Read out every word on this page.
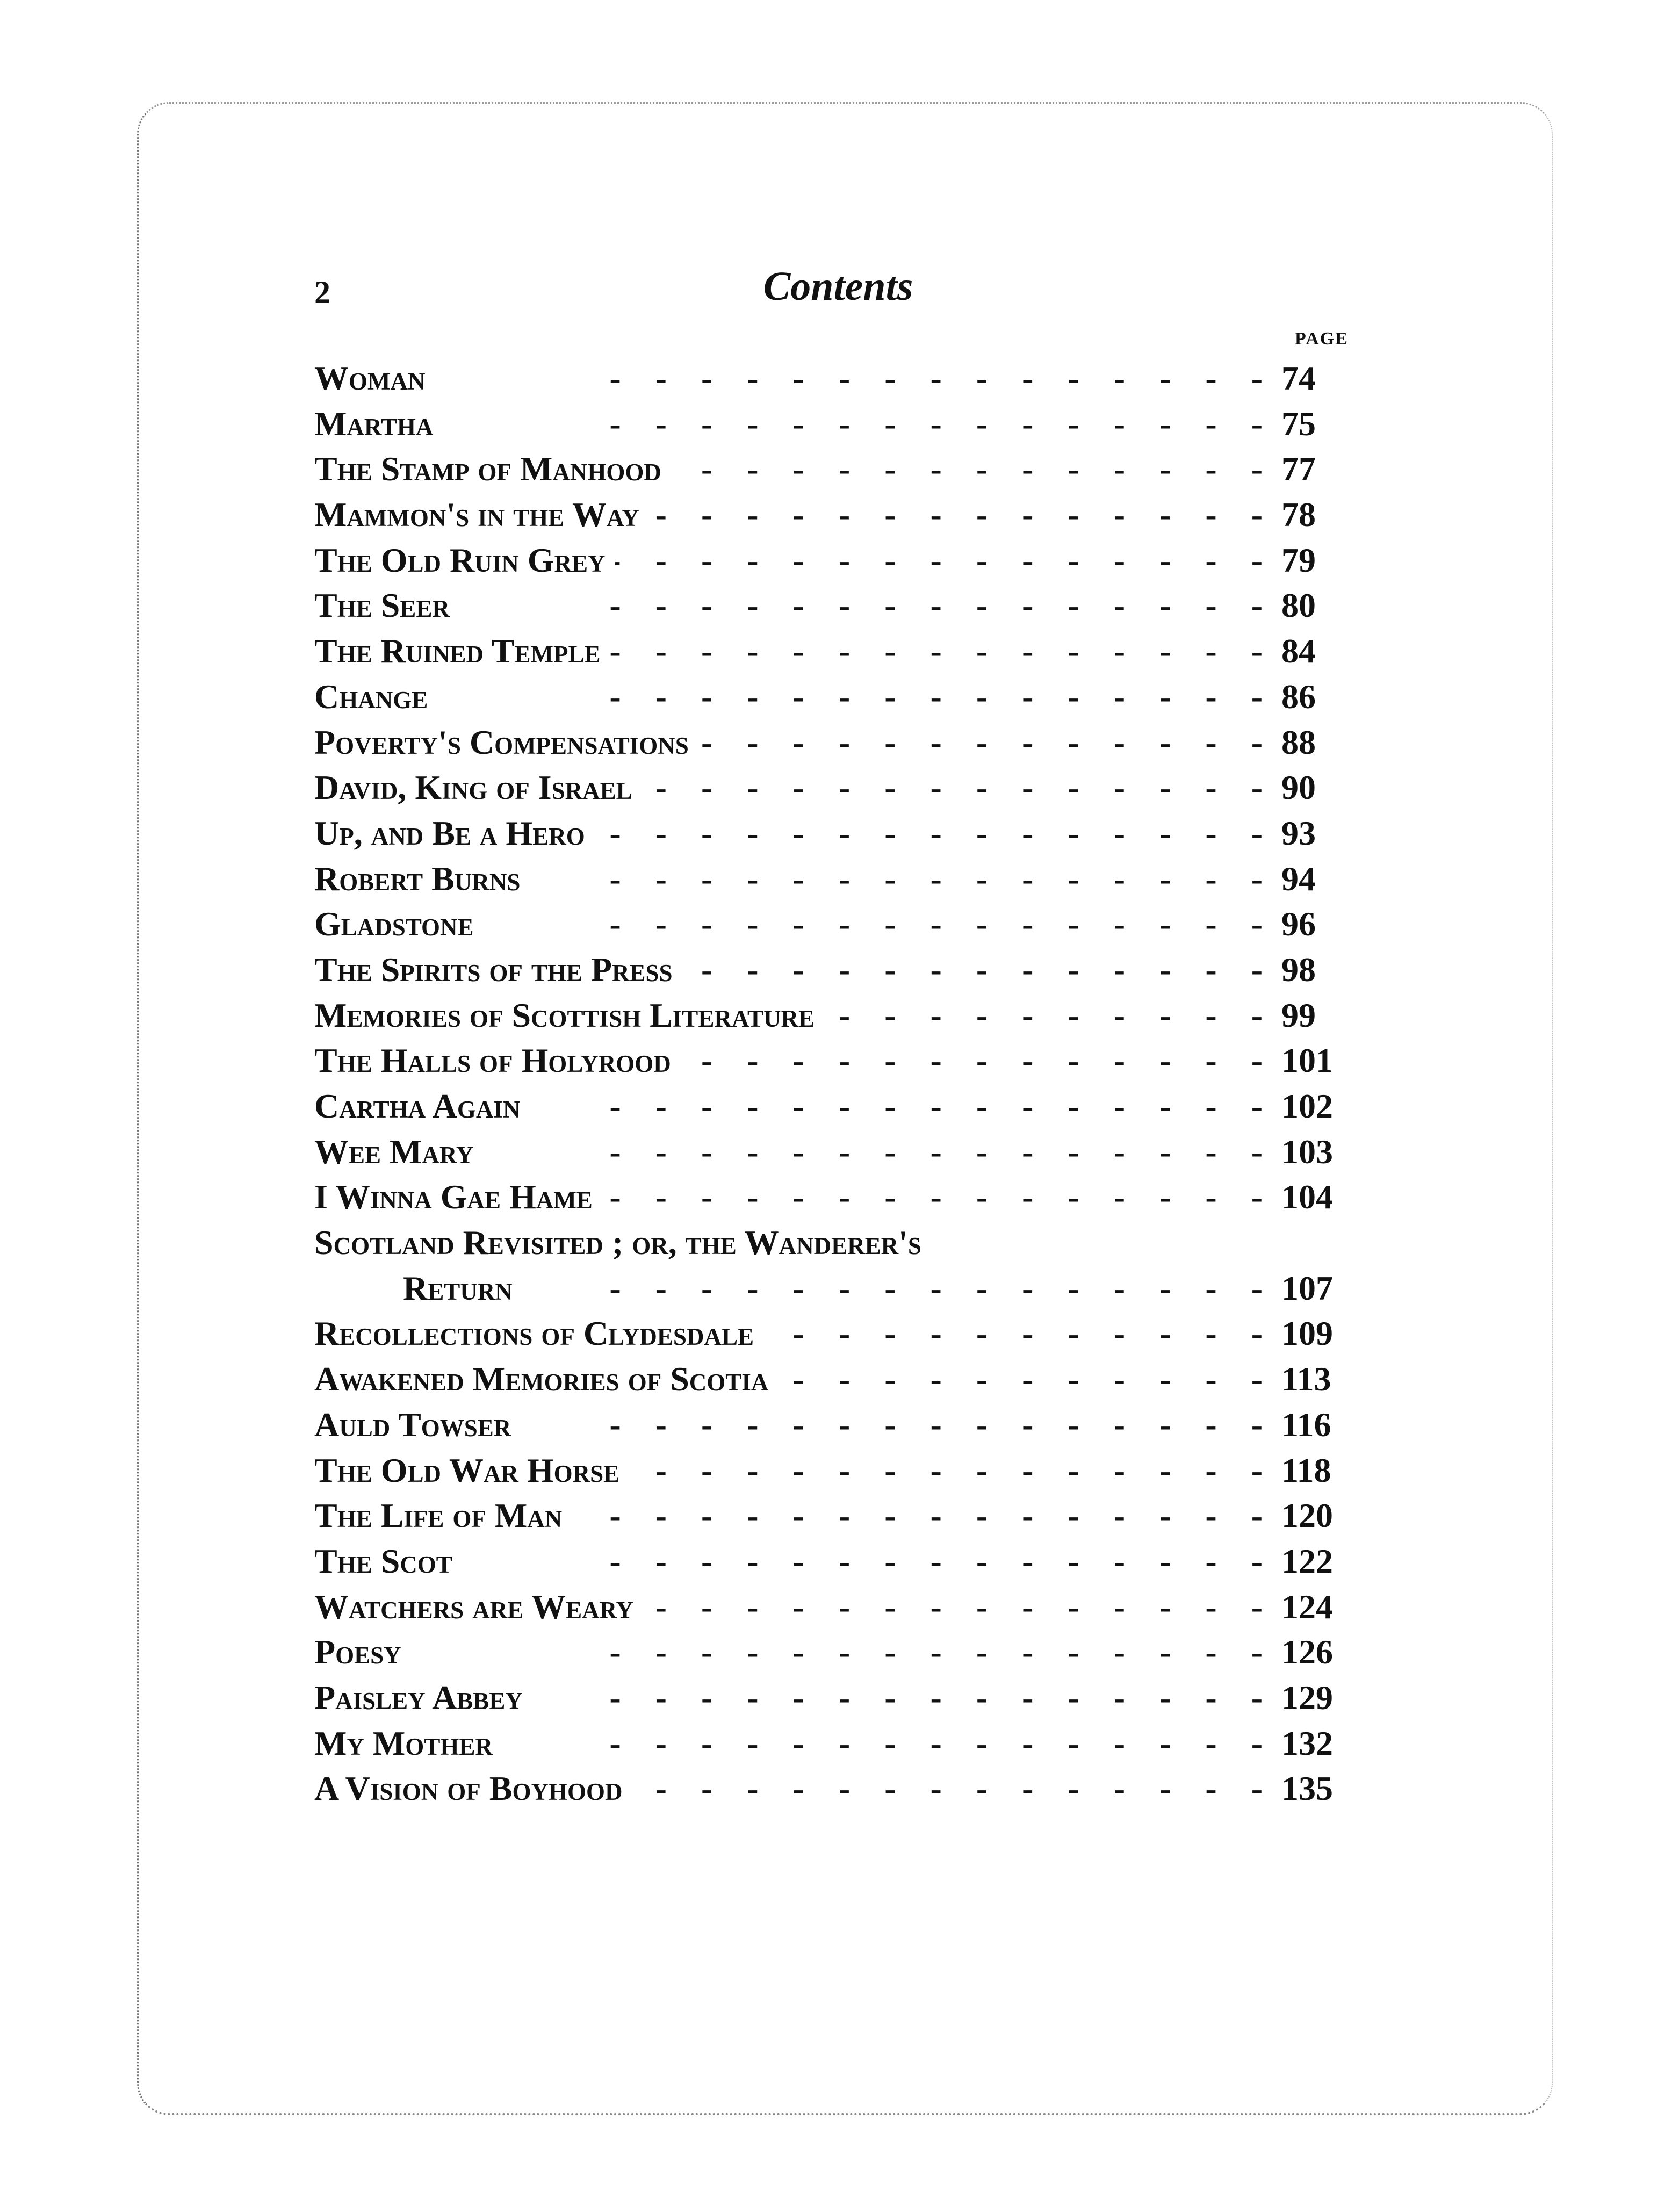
2	Contents
PAGE
Woman -	74
Martha -	75
The Stamp of Manhood -	77
Mammon's in the Way -	78
The Old Ruin Grey -	79
The Seer -	80
The Ruined Temple -	84
Change -	86
Poverty's Compensations -	88
David, King of Israel -	90
Up, and Be a Hero -	93
Robert Burns -	94
Gladstone -	96
The Spirits of the Press -	98
Memories of Scottish Literature -	99
The Halls of Holyrood -	101
Cartha Again -	102
Wee Mary -	103
I Winna Gae Hame -	104
Scotland Revisited ; or, the Wanderer's
Return -	107
Recollections of Clydesdale -	109
Awakened Memories of Scotia -	113
Auld Towser -	116
The Old War Horse -	118
The Life of Man -	120
The Scot -	122
Watchers are Weary -	124
Poesy -	126
Paisley Abbey -	129
My Mother -	132
A Vision of Boyhood -	135
